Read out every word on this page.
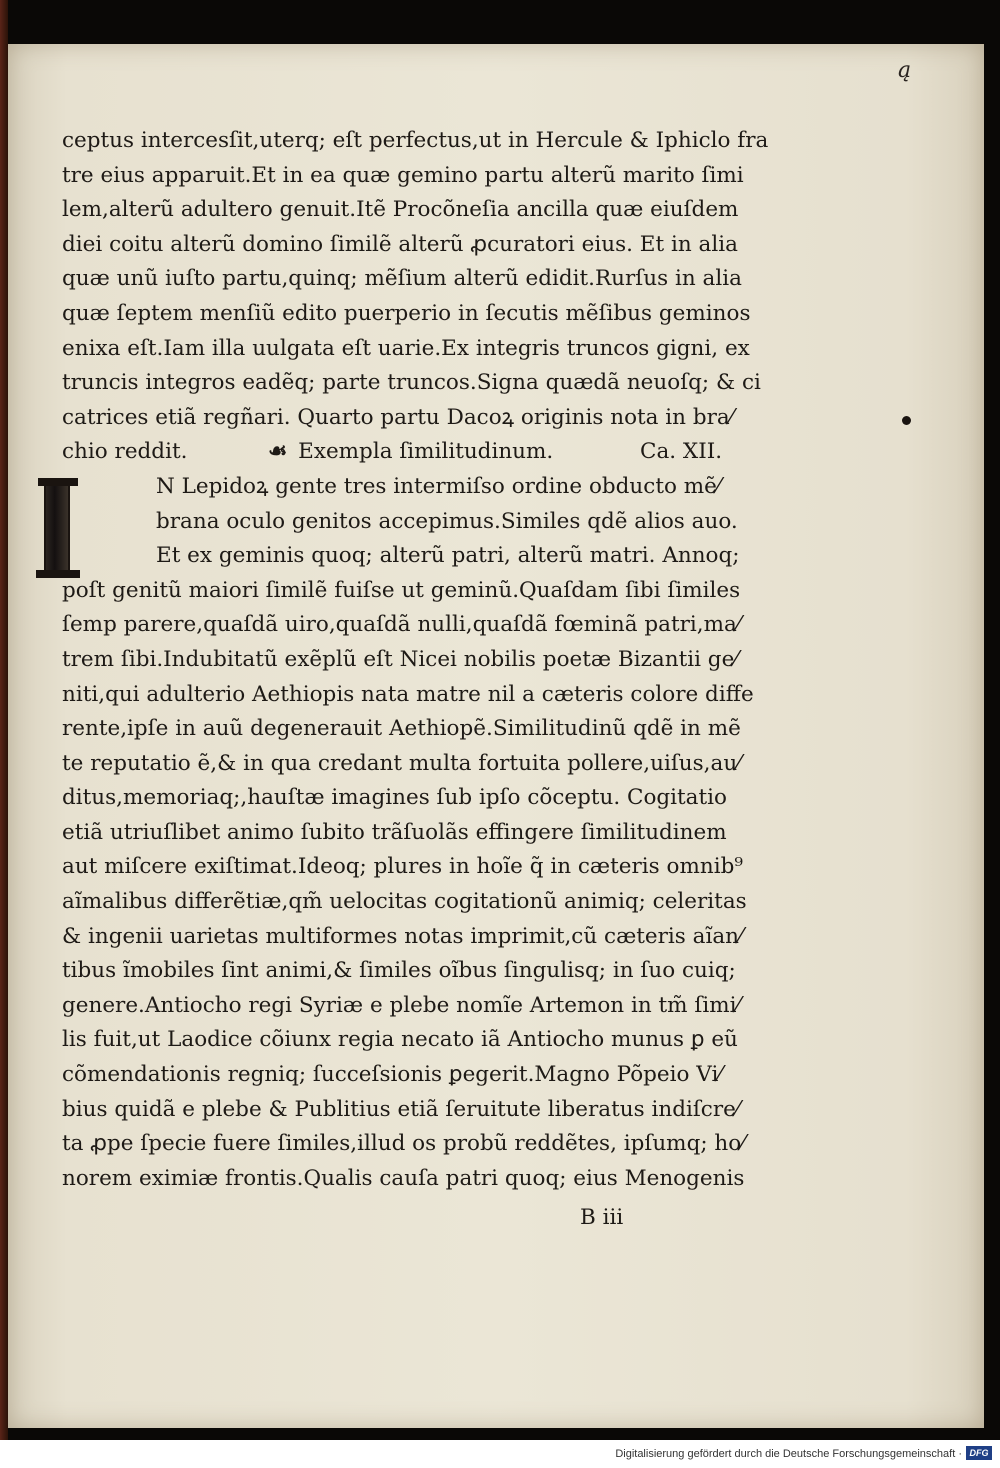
ą
ceptus intercesſit,uterq; eſt perfectus,ut in Hercule & Iphiclo fra
tre eius apparuit.Et in ea quæ gemino partu alterũ marito ſimi
lem,alterũ adultero genuit.Itẽ Procõneſia ancilla quæ eiuſdem
diei coitu alterũ domino ſimilẽ alterũ ꝓcuratori eius. Et in alia
quæ unũ iuſto partu,quinq; mẽſium alterũ edidit.Rurſus in alia
quæ ſeptem menſiũ edito puerperio in ſecutis mẽſibus geminos
enixa eſt.Iam illa uulgata eſt uarie.Ex integris truncos gigni, ex
truncis integros eadẽq; parte truncos.Signa quædã neuoſq; & ci
catrices etiã regñari. Quarto partu Dacoꝝ originis nota in bra⁄
chio reddit.	☙ Exempla ſimilitudinum.	Ca. XII.
N Lepidoꝝ gente tres intermiſso ordine obducto mẽ⁄
brana oculo genitos accepimus.Similes qdẽ alios auo.
Et ex geminis quoq; alterũ patri, alterũ matri. Annoq;
poſt genitũ maiori ſimilẽ fuiſse ut geminũ.Quaſdam ſibi ſimiles
ſemp parere,quaſdã uiro,quaſdã nulli,quaſdã fœminã patri,ma⁄
trem ſibi.Indubitatũ exẽplũ eſt Nicei nobilis poetæ Bizantii ge⁄
niti,qui adulterio Aethiopis nata matre nil a cæteris colore diffe
rente,ipſe in auũ degenerauit Aethiopẽ.Similitudinũ qdẽ in mẽ
te reputatio ẽ,& in qua credant multa fortuita pollere,uiſus,au⁄
ditus,memoriaq;,hauſtæ imagines ſub ipſo cõceptu. Cogitatio
etiã utriuſlibet animo ſubito trãſuolãs effingere ſimilitudinem
aut miſcere exiſtimat.Ideoq; plures in hoĩe q̃ in cæteris omnib⁹
aĩmalibus differẽtiæ,qm̃ uelocitas cogitationũ animiq; celeritas
& ingenii uarietas multiformes notas imprimit,cũ cæteris aĩan⁄
tibus ĩmobiles ſint animi,& ſimiles oĩbus ſingulisq; in ſuo cuiq;
genere.Antiocho regi Syriæ e plebe nomĩe Artemon in tm̃ ſimi⁄
lis fuit,ut Laodice cõiunx regia necato iã Antiocho munus ꝑ eũ
cõmendationis regniq; ſucceſsionis ꝑegerit.Magno Põpeio Vi⁄
bius quidã e plebe & Publitius etiã ſeruitute liberatus indiſcre⁄
ta ꝓpe ſpecie fuere ſimiles,illud os probũ reddẽtes, ipſumq; ho⁄
norem eximiæ frontis.Qualis cauſa patri quoq; eius Menogenis
B iii
Digitalisierung gefördert durch die Deutsche Forschungsgemeinschaft · DFG
